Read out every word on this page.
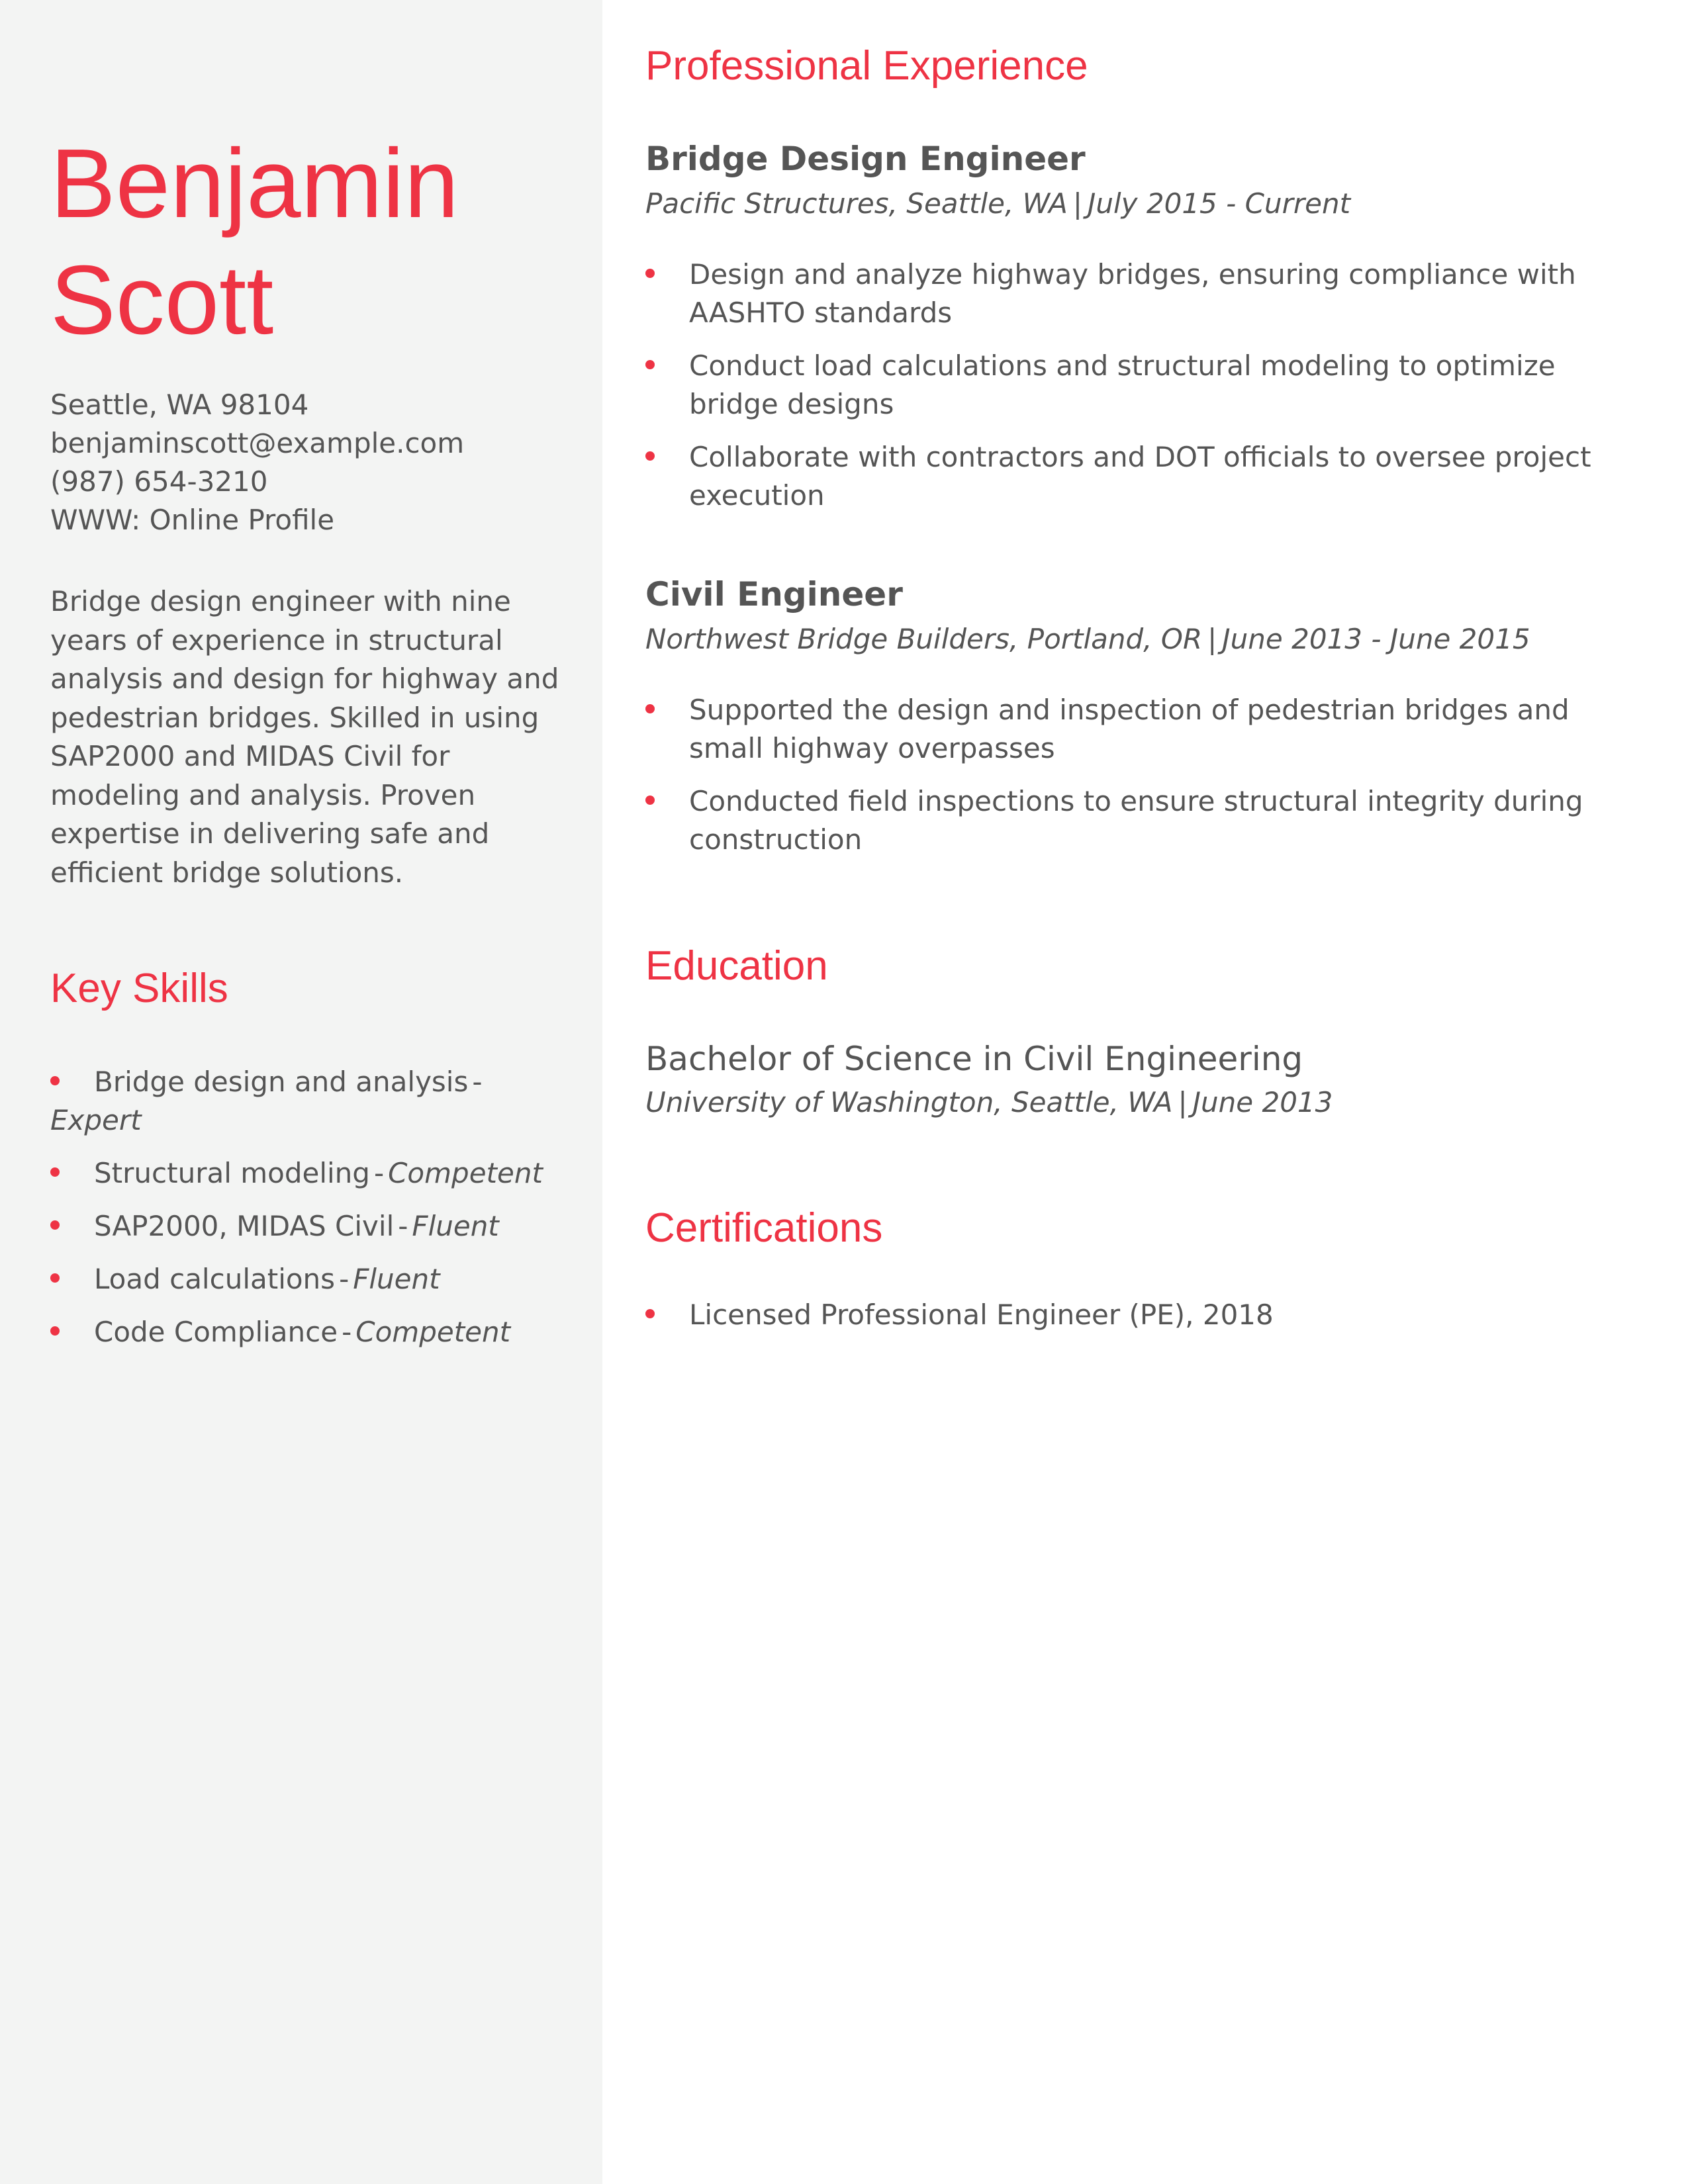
Benjamin
Scott
Seattle, WA 98104
benjaminscott@example.com
(987) 654-3210
WWW: Online Profile

Bridge design engineer with nine years of experience in structural analysis and design for highway and pedestrian bridges. Skilled in using SAP2000 and MIDAS Civil for modeling and analysis. Proven expertise in delivering safe and efficient bridge solutions.

Key Skills
Bridge design and analysis -Expert
Structural modeling - Competent
SAP2000, MIDAS Civil - Fluent
Load calculations - Fluent
Code Compliance - Competent
Professional Experience
Bridge Design Engineer
Pacific Structures, Seattle, WA | July 2015 - Current
Design and analyze highway bridges, ensuring compliance with AASHTO standards
Conduct load calculations and structural modeling to optimize bridge designs
Collaborate with contractors and DOT officials to oversee project execution
Civil Engineer
Northwest Bridge Builders, Portland, OR | June 2013 - June 2015
Supported the design and inspection of pedestrian bridges and small highway overpasses
Conducted field inspections to ensure structural integrity during construction
Education
Bachelor of Science in Civil Engineering
University of Washington, Seattle, WA | June 2013
Certifications
Licensed Professional Engineer (PE), 2018
